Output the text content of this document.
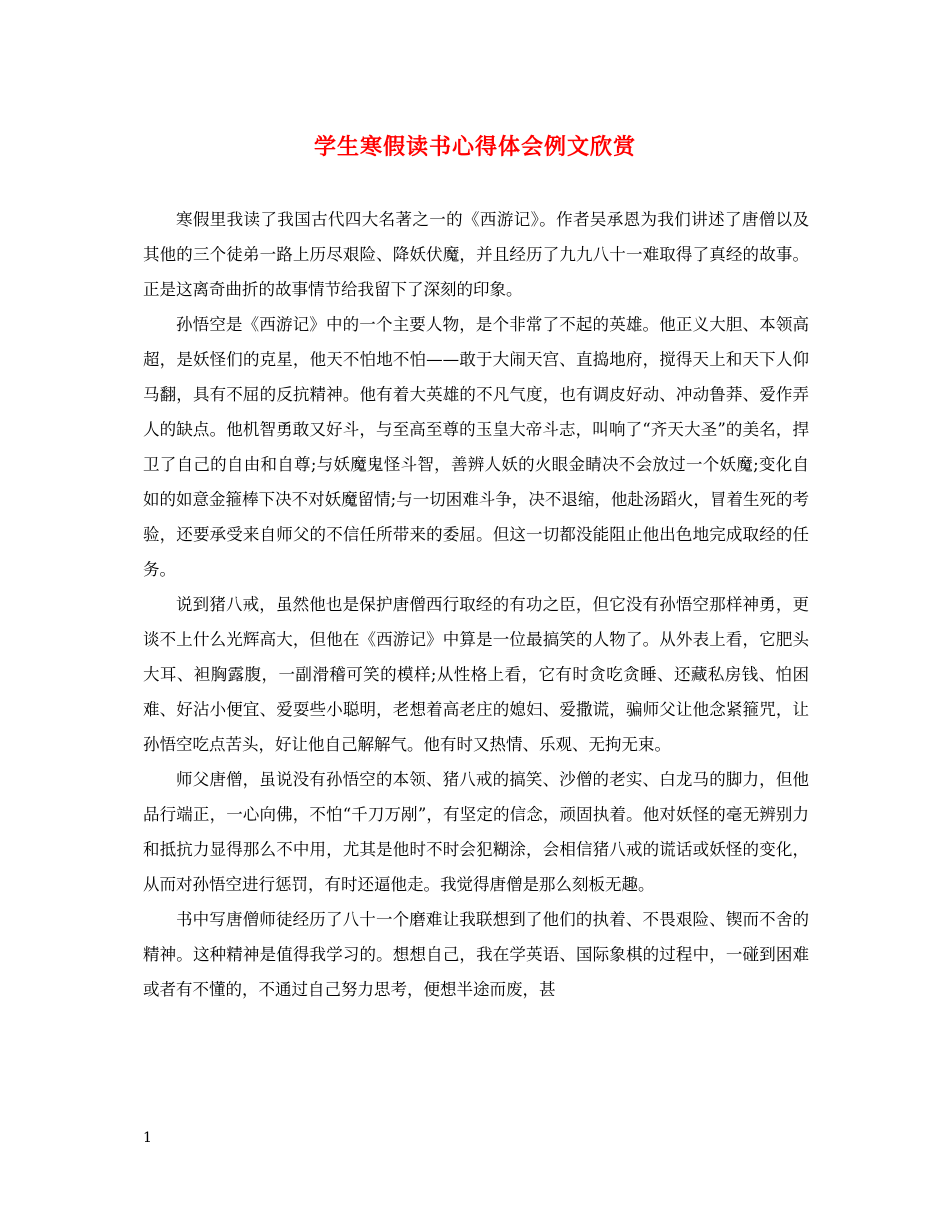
学生寒假读书心得体会例文欣赏

寒假里我读了我国古代四大名著之一的《西游记》。作者吴承恩为我们讲述了唐僧以及其他的三个徒弟一路上历尽艰险、降妖伏魔，并且经历了九九八十一难取得了真经的故事。正是这离奇曲折的故事情节给我留下了深刻的印象。

孙悟空是《西游记》中的一个主要人物，是个非常了不起的英雄。他正义大胆、本领高超，是妖怪们的克星，他天不怕地不怕——敢于大闹天宫、直捣地府，搅得天上和天下人仰马翻，具有不屈的反抗精神。他有着大英雄的不凡气度，也有调皮好动、冲动鲁莽、爱作弄人的缺点。他机智勇敢又好斗，与至高至尊的玉皇大帝斗志，叫响了“齐天大圣”的美名，捍卫了自己的自由和自尊;与妖魔鬼怪斗智，善辨人妖的火眼金睛决不会放过一个妖魔;变化自如的如意金箍棒下决不对妖魔留情;与一切困难斗争，决不退缩，他赴汤蹈火，冒着生死的考验，还要承受来自师父的不信任所带来的委屈。但这一切都没能阻止他出色地完成取经的任务。

说到猪八戒，虽然他也是保护唐僧西行取经的有功之臣，但它没有孙悟空那样神勇，更谈不上什么光辉高大，但他在《西游记》中算是一位最搞笑的人物了。从外表上看，它肥头大耳、袒胸露腹，一副滑稽可笑的模样;从性格上看，它有时贪吃贪睡、还藏私房钱、怕困难、好沾小便宜、爱耍些小聪明，老想着高老庄的媳妇、爱撒谎，骗师父让他念紧箍咒，让孙悟空吃点苦头，好让他自己解解气。他有时又热情、乐观、无拘无束。

师父唐僧，虽说没有孙悟空的本领、猪八戒的搞笑、沙僧的老实、白龙马的脚力，但他品行端正，一心向佛，不怕“千刀万剐”，有坚定的信念，顽固执着。他对妖怪的毫无辨别力和抵抗力显得那么不中用，尤其是他时不时会犯糊涂，会相信猪八戒的谎话或妖怪的变化，从而对孙悟空进行惩罚，有时还逼他走。我觉得唐僧是那么刻板无趣。

书中写唐僧师徒经历了八十一个磨难让我联想到了他们的执着、不畏艰险、锲而不舍的精神。这种精神是值得我学习的。想想自己，我在学英语、国际象棋的过程中，一碰到困难或者有不懂的，不通过自己努力思考，便想半途而废，甚

1
